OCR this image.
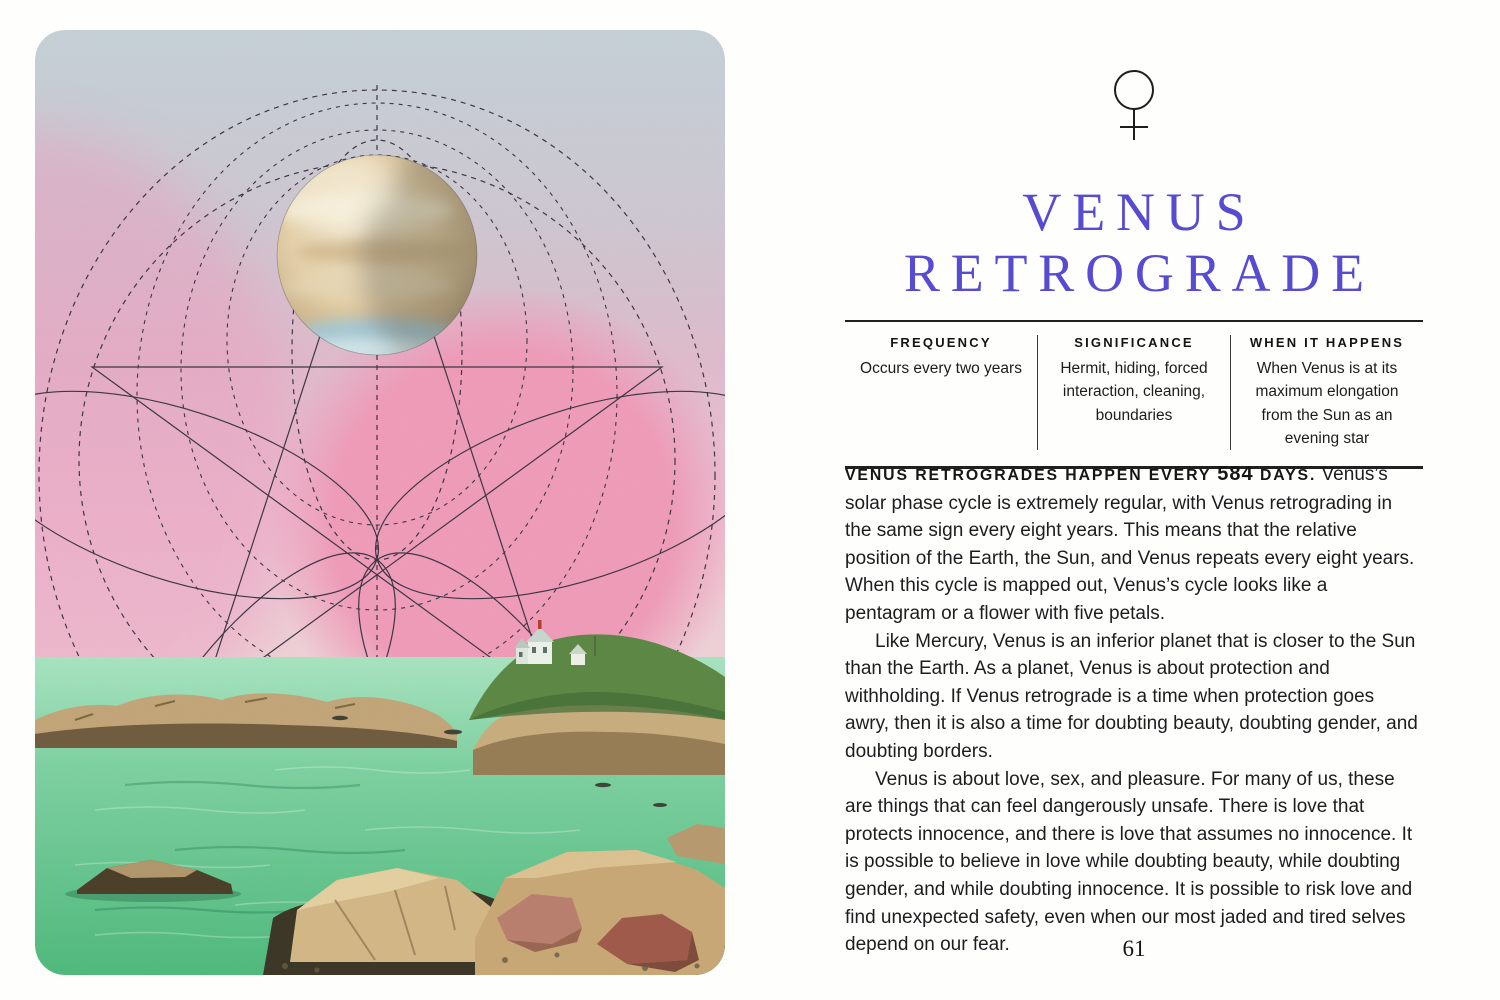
VENUS
RETROGRADE
FREQUENCY
Occurs every two years
SIGNIFICANCE
Hermit, hiding, forced interaction, cleaning, boundaries
WHEN IT HAPPENS
When Venus is at its maximum elongation from the Sun as an evening star

VENUS RETROGRADES HAPPEN EVERY 584 DAYS. Venus’s solar phase cycle is extremely regular, with Venus retrograding in the same sign every eight years. This means that the relative position of the Earth, the Sun, and Venus repeats every eight years. When this cycle is mapped out, Venus’s cycle looks like a pentagram or a flower with five petals.

Like Mercury, Venus is an inferior planet that is closer to the Sun than the Earth. As a planet, Venus is about protection and withholding. If Venus retrograde is a time when protection goes awry, then it is also a time for doubting beauty, doubting gender, and doubting borders.

Venus is about love, sex, and pleasure. For many of us, these are things that can feel dangerously unsafe. There is love that protects innocence, and there is love that assumes no innocence. It is possible to believe in love while doubting beauty, while doubting gender, and while doubting innocence. It is possible to risk love and find unexpected safety, even when our most jaded and tired selves depend on our fear.	61
